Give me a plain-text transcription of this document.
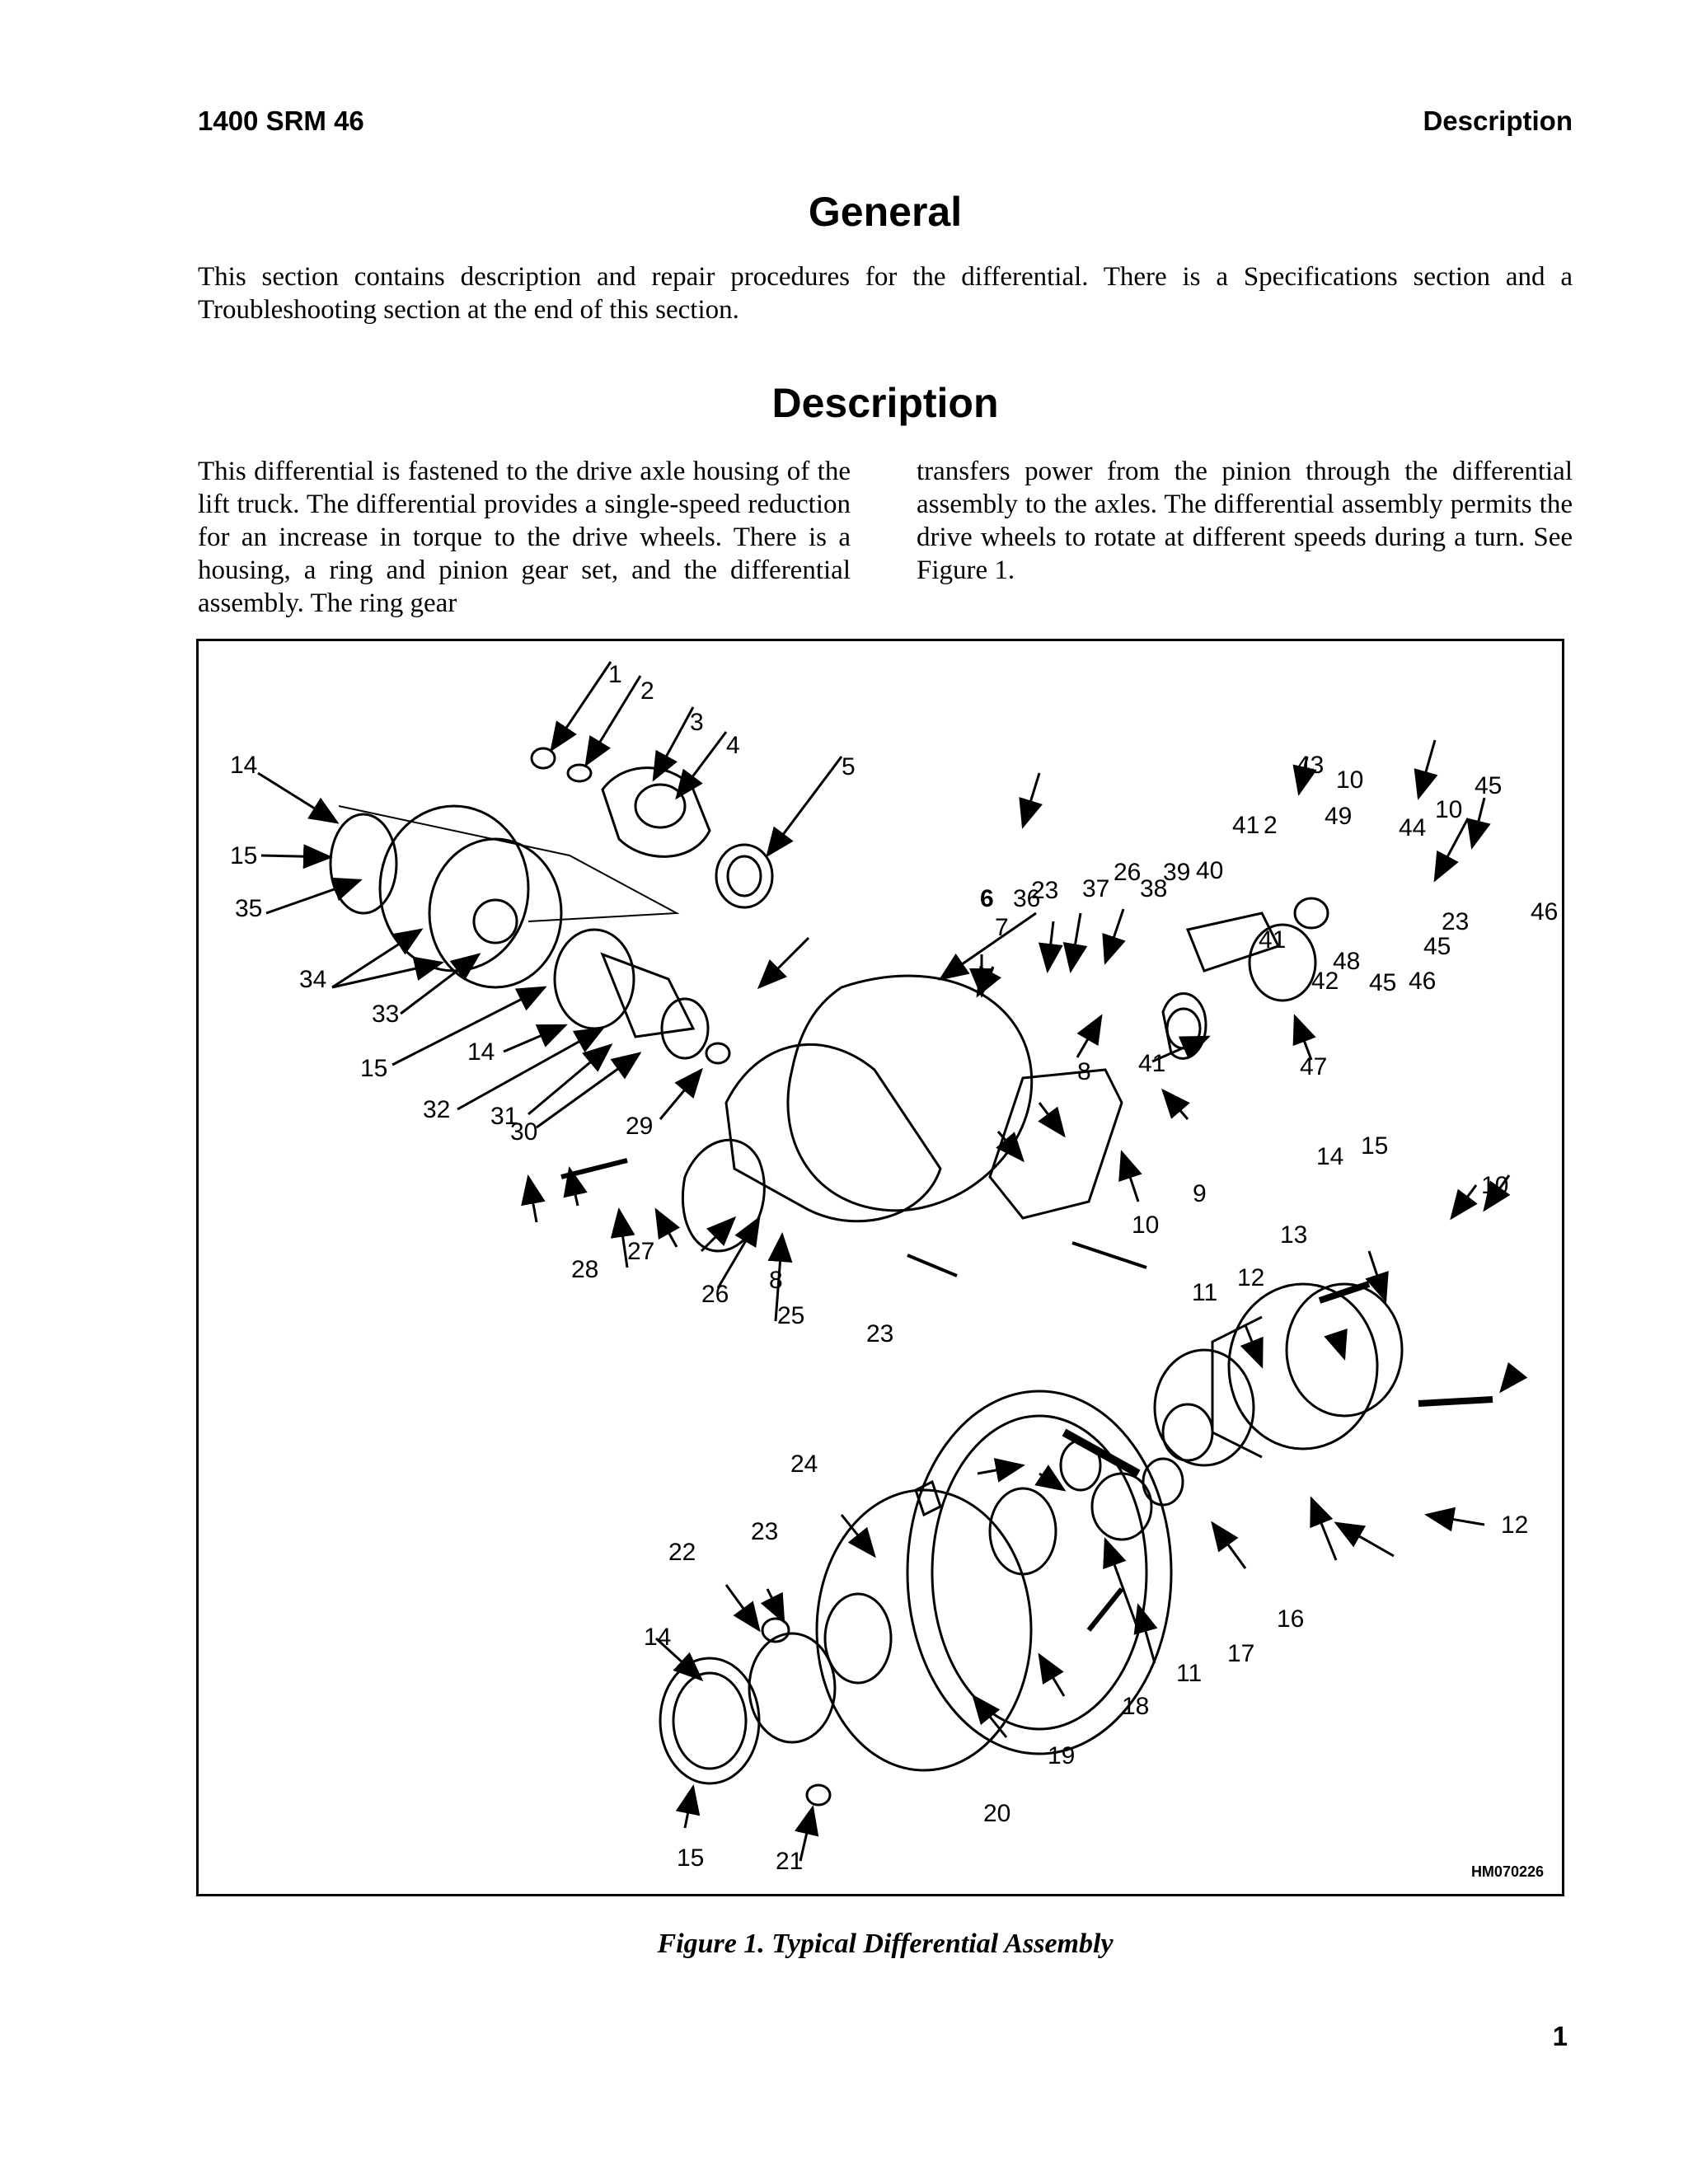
1400 SRM 46	Description
General
This section contains description and repair procedures for the differential. There is a Specifications section and a Troubleshooting section at the end of this section.
Description
This differential is fastened to the drive axle housing of the lift truck. The differential provides a single-speed reduction for an increase in torque to the drive wheels. There is a housing, a ring and pinion gear set, and the differential assembly. The ring gear
transfers power from the pinion through the differential assembly to the axles. The differential assembly permits the drive wheels to rotate at different speeds during a turn. See Figure 1.
1
2
3
4
5
6
7
8
8
9
10
10
10
10
11
11
12
12
13
14
14
14
14
15
15
15
15
16
17
18
19
20
21
22
23
23
23
23
24
25
26
26
27
28
29
30
31
32
33
34
35	36 37 38
39 40
41
41
41
2
42
43
44
45
45
45
46
46
47
48
49
HM070226
Figure 1. Typical Differential Assembly
1
